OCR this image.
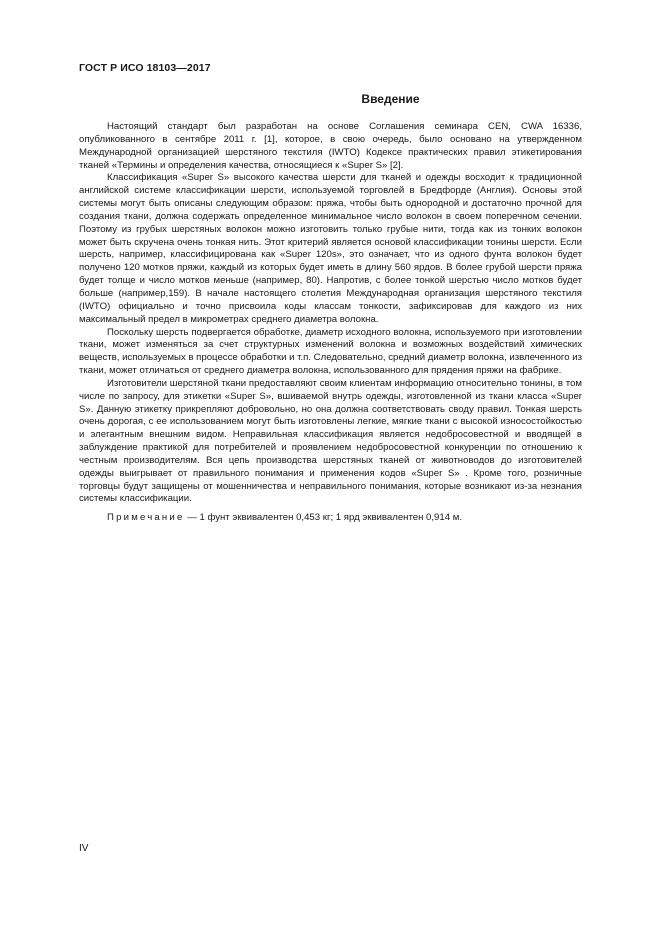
ГОСТ Р ИСО 18103—2017
Введение

Настоящий стандарт был разработан на основе Соглашения семинара CEN, CWA 16336, опубликованного в сентябре 2011 г. [1], которое, в свою очередь, было основано на утвержденном Международной организацией шерстяного текстиля (IWTO) Кодексе практических правил этикетирования тканей «Термины и определения качества, относящиеся к «Super S» [2].

Классификация «Super S» высокого качества шерсти для тканей и одежды восходит к традиционной английской системе классификации шерсти, используемой торговлей в Бредфорде (Англия). Основы этой системы могут быть описаны следующим образом: пряжа, чтобы быть однородной и достаточно прочной для создания ткани, должна содержать определенное минимальное число волокон в своем поперечном сечении. Поэтому из грубых шерстяных волокон можно изготовить только грубые нити, тогда как из тонких волокон может быть скручена очень тонкая нить. Этот критерий является основой классификации тонины шерсти. Если шерсть, например, классифицирована как «Super 120s», это означает, что из одного фунта волокон будет получено 120 мотков пряжи, каждый из которых будет иметь в длину 560 ярдов. В более грубой шерсти пряжа будет толще и число мотков меньше (например, 80). Напротив, с более тонкой шерстью число мотков будет больше (например,159). В начале настоящего столетия Международная организация шерстяного текстиля (IWTO) официально и точно присвоила коды классам тонкости, зафиксировав для каждого из них максимальный предел в микрометрах среднего диаметра волокна.

Поскольку шерсть подвергается обработке, диаметр исходного волокна, используемого при изготовлении ткани, может изменяться за счет структурных изменений волокна и возможных воздействий химических веществ, используемых в процессе обработки и т.п. Следовательно, средний диаметр волокна, извлеченного из ткани, может отличаться от среднего диаметра волокна, использованного для прядения пряжи на фабрике.

Изготовители шерстяной ткани предоставляют своим клиентам информацию относительно тонины, в том числе по запросу, для этикетки «Super S», вшиваемой внутрь одежды, изготовленной из ткани класса «Super S». Данную этикетку прикрепляют добровольно, но она должна соответствовать своду правил. Тонкая шерсть очень дорогая, с ее использованием могут быть изготовлены легкие, мягкие ткани с высокой износостойкостью и элегантным внешним видом. Неправильная классификация является недобросовестной и вводящей в заблуждение практикой для потребителей и проявлением недобросовестной конкуренции по отношению к честным производителям. Вся цепь производства шерстяных тканей от животноводов до изготовителей одежды выигрывает от правильного понимания и применения кодов «Super S» . Кроме того, розничные торговцы будут защищены от мошенничества и неправильного понимания, которые возникают из-за незнания системы классификации.

Примечание — 1 фунт эквивалентен 0,453 кг; 1 ярд эквивалентен 0,914 м.

IV
